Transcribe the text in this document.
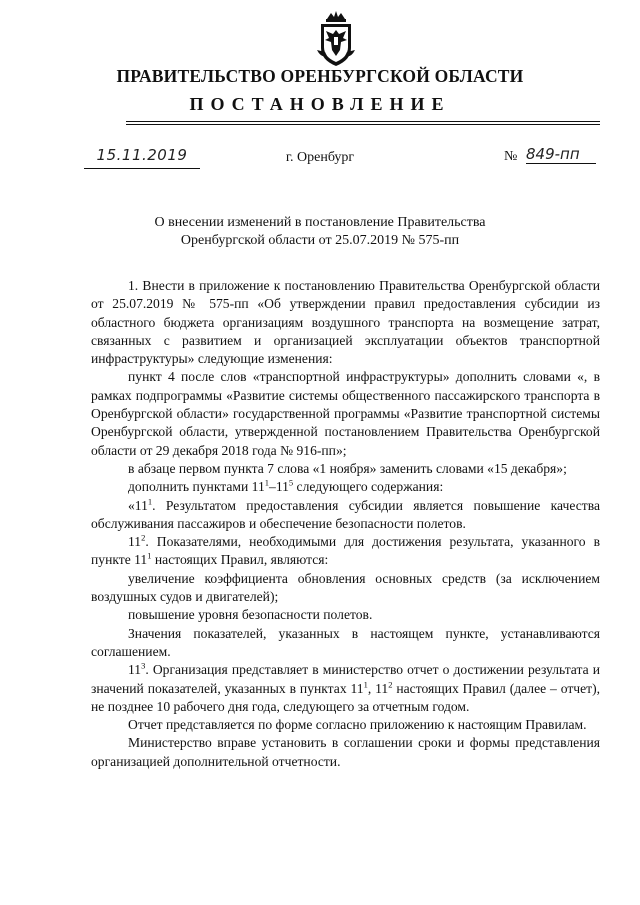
ПРАВИТЕЛЬСТВО ОРЕНБУРГСКОЙ ОБЛАСТИ
ПОСТАНОВЛЕНИЕ
15.11.2019	г. Оренбург	№ 849-пп
О внесении изменений в постановление Правительства
Оренбургской области от 25.07.2019 № 575-пп

1. Внести в приложение к постановлению Правительства Оренбургской области от 25.07.2019 № 575-пп «Об утверждении правил предоставления субсидии из областного бюджета организациям воздушного транспорта на возмещение затрат, связанных с развитием и организацией эксплуатации объектов транспортной инфраструктуры» следующие изменения:

пункт 4 после слов «транспортной инфраструктуры» дополнить словами «, в рамках подпрограммы «Развитие системы общественного пассажирского транспорта в Оренбургской области» государственной программы «Развитие транспортной системы Оренбургской области, утвержденной постановлением Правительства Оренбургской области от 29 декабря 2018 года № 916-пп»;

в абзаце первом пункта 7 слова «1 ноября» заменить словами «15 декабря»;

дополнить пунктами $11^1-11^5$ следующего содержания:

«$11^1$. Результатом предоставления субсидии является повышение качества обслуживания пассажиров и обеспечение безопасности полетов.

$11^2$. Показателями, необходимыми для достижения результата, указанного в пункте $11^1$ настоящих Правил, являются:

увеличение коэффициента обновления основных средств (за исключением воздушных судов и двигателей);

повышение уровня безопасности полетов.

Значения показателей, указанных в настоящем пункте, устанавливаются соглашением.

$11^3$. Организация представляет в министерство отчет о достижении результата и значений показателей, указанных в пунктах $11^1$, $11^2$ настоящих Правил (далее – отчет), не позднее 10 рабочего дня года, следующего за отчетным годом.

Отчет представляется по форме согласно приложению к настоящим Правилам.

Министерство вправе установить в соглашении сроки и формы представления организацией дополнительной отчетности.
